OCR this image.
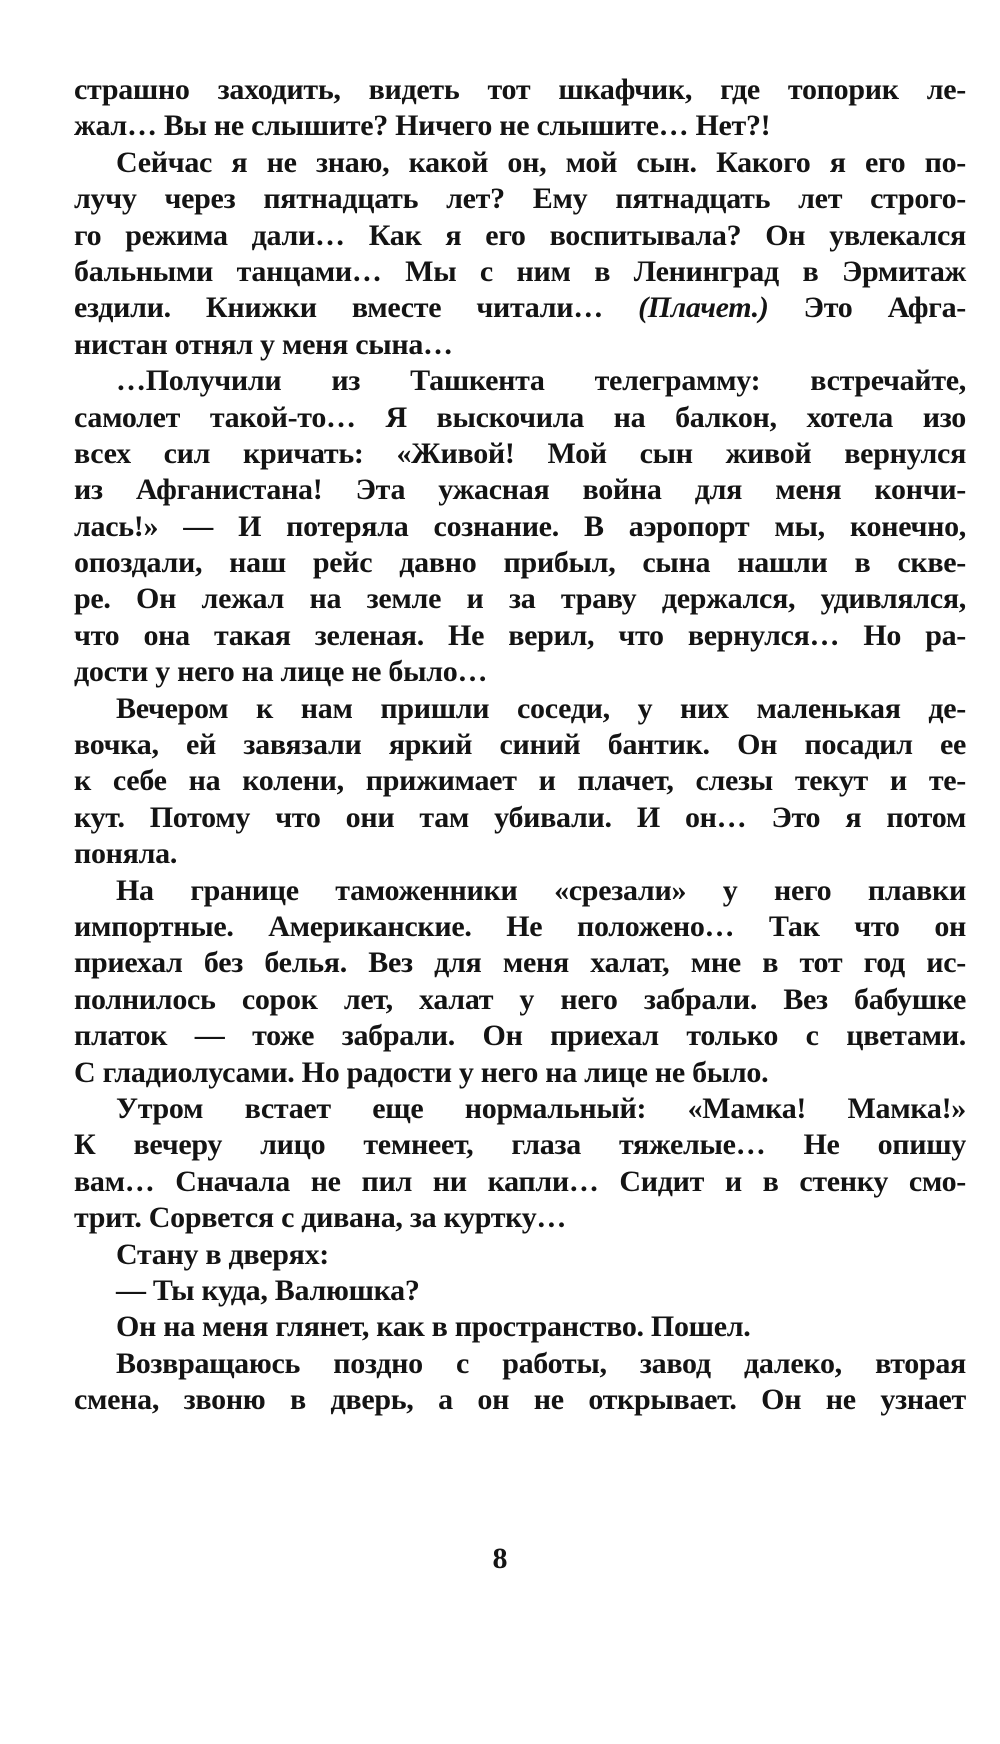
страшно заходить, видеть тот шкафчик, где топорик ле-
жал… Вы не слышите? Ничего не слышите… Нет?!
Сейчас я не знаю, какой он, мой сын. Какого я его по-
лучу через пятнадцать лет? Ему пятнадцать лет строго-
го режима дали… Как я его воспитывала? Он увлекался
бальными танцами… Мы с ним в Ленинград в Эрмитаж
ездили. Книжки вместе читали… (Плачет.) Это Афга-
нистан отнял у меня сына…
…Получили из Ташкента телеграмму: встречайте,
самолет такой-то… Я выскочила на балкон, хотела изо
всех сил кричать: «Живой! Мой сын живой вернулся
из Афганистана! Эта ужасная война для меня кончи-
лась!» — И потеряла сознание. В аэропорт мы, конечно,
опоздали, наш рейс давно прибыл, сына нашли в скве-
ре. Он лежал на земле и за траву держался, удивлялся,
что она такая зеленая. Не верил, что вернулся… Но ра-
дости у него на лице не было…
Вечером к нам пришли соседи, у них маленькая де-
вочка, ей завязали яркий синий бантик. Он посадил ее
к себе на колени, прижимает и плачет, слезы текут и те-
кут. Потому что они там убивали. И он… Это я потом
поняла.
На границе таможенники «срезали» у него плавки
импортные. Американские. Не положено… Так что он
приехал без белья. Вез для меня халат, мне в тот год ис-
полнилось сорок лет, халат у него забрали. Вез бабушке
платок — тоже забрали. Он приехал только с цветами.
С гладиолусами. Но радости у него на лице не было.
Утром встает еще нормальный: «Мамка! Мамка!»
К вечеру лицо темнеет, глаза тяжелые… Не опишу
вам… Сначала не пил ни капли… Сидит и в стенку смо-
трит. Сорвется с дивана, за куртку…
Стану в дверях:
— Ты куда, Валюшка?
Он на меня глянет, как в пространство. Пошел.
Возвращаюсь поздно с работы, завод далеко, вторая
смена, звоню в дверь, а он не открывает. Он не узнает
8
